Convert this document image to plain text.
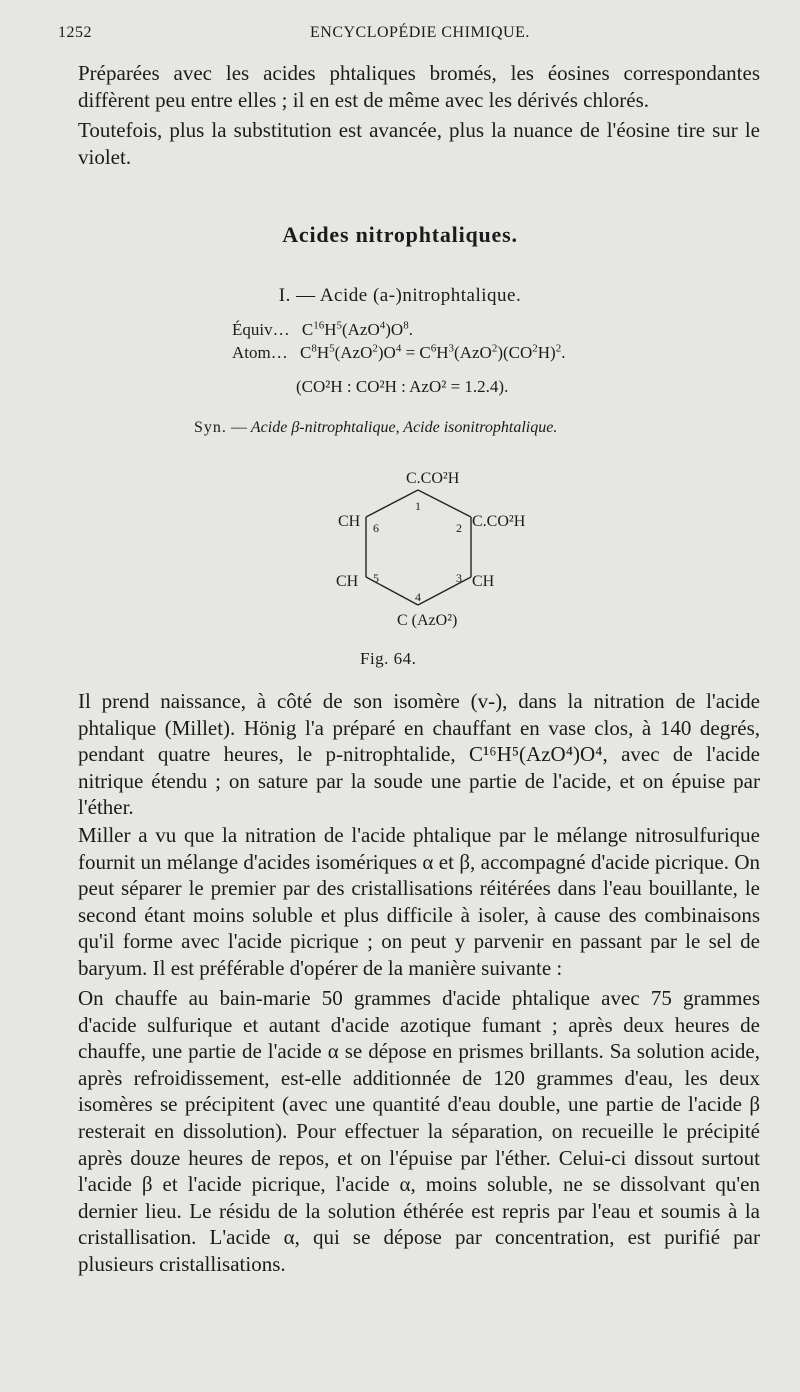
1252	ENCYCLOPÉDIE CHIMIQUE.

Préparées avec les acides phtaliques bromés, les éosines correspondantes diffèrent peu entre elles ; il en est de même avec les dérivés chlorés.

Toutefois, plus la substitution est avancée, plus la nuance de l'éosine tire sur le violet.

Acides nitrophtaliques.
I. — Acide (a-)nitrophtalique.
Équiv… $C^{16}H^5(AzO^4)O^8$.
Atom… $C^8H^5(AzO^2)O^4 = C^6H^3(AzO^2)(CO^2H)^2$.
(CO²H : CO²H : AzO² = 1.2.4).
Syn. — Acide β-nitrophtalique, Acide isonitrophtalique.
C.CO²H
CH	C.CO²H
CH	CH
C (AzO²)
1
2
3
4
5
6
Fig. 64.

Il prend naissance, à côté de son isomère (v-), dans la nitration de l'acide phtalique (Millet). Hönig l'a préparé en chauffant en vase clos, à 140 degrés, pendant quatre heures, le p-nitrophtalide, C¹⁶H⁵(AzO⁴)O⁴, avec de l'acide nitrique étendu ; on sature par la soude une partie de l'acide, et on épuise par l'éther.

Miller a vu que la nitration de l'acide phtalique par le mélange nitrosulfurique fournit un mélange d'acides isomériques α et β, accompagné d'acide picrique. On peut séparer le premier par des cristallisations réitérées dans l'eau bouillante, le second étant moins soluble et plus difficile à isoler, à cause des combinaisons qu'il forme avec l'acide picrique ; on peut y parvenir en passant par le sel de baryum. Il est préférable d'opérer de la manière suivante :

On chauffe au bain-marie 50 grammes d'acide phtalique avec 75 grammes d'acide sulfurique et autant d'acide azotique fumant ; après deux heures de chauffe, une partie de l'acide α se dépose en prismes brillants. Sa solution acide, après refroidissement, est-elle additionnée de 120 grammes d'eau, les deux isomères se précipitent (avec une quantité d'eau double, une partie de l'acide β resterait en dissolution). Pour effectuer la séparation, on recueille le précipité après douze heures de repos, et on l'épuise par l'éther. Celui-ci dissout surtout l'acide β et l'acide picrique, l'acide α, moins soluble, ne se dissolvant qu'en dernier lieu. Le résidu de la solution éthérée est repris par l'eau et soumis à la cristallisation. L'acide α, qui se dépose par concentration, est purifié par plusieurs cristallisations.
